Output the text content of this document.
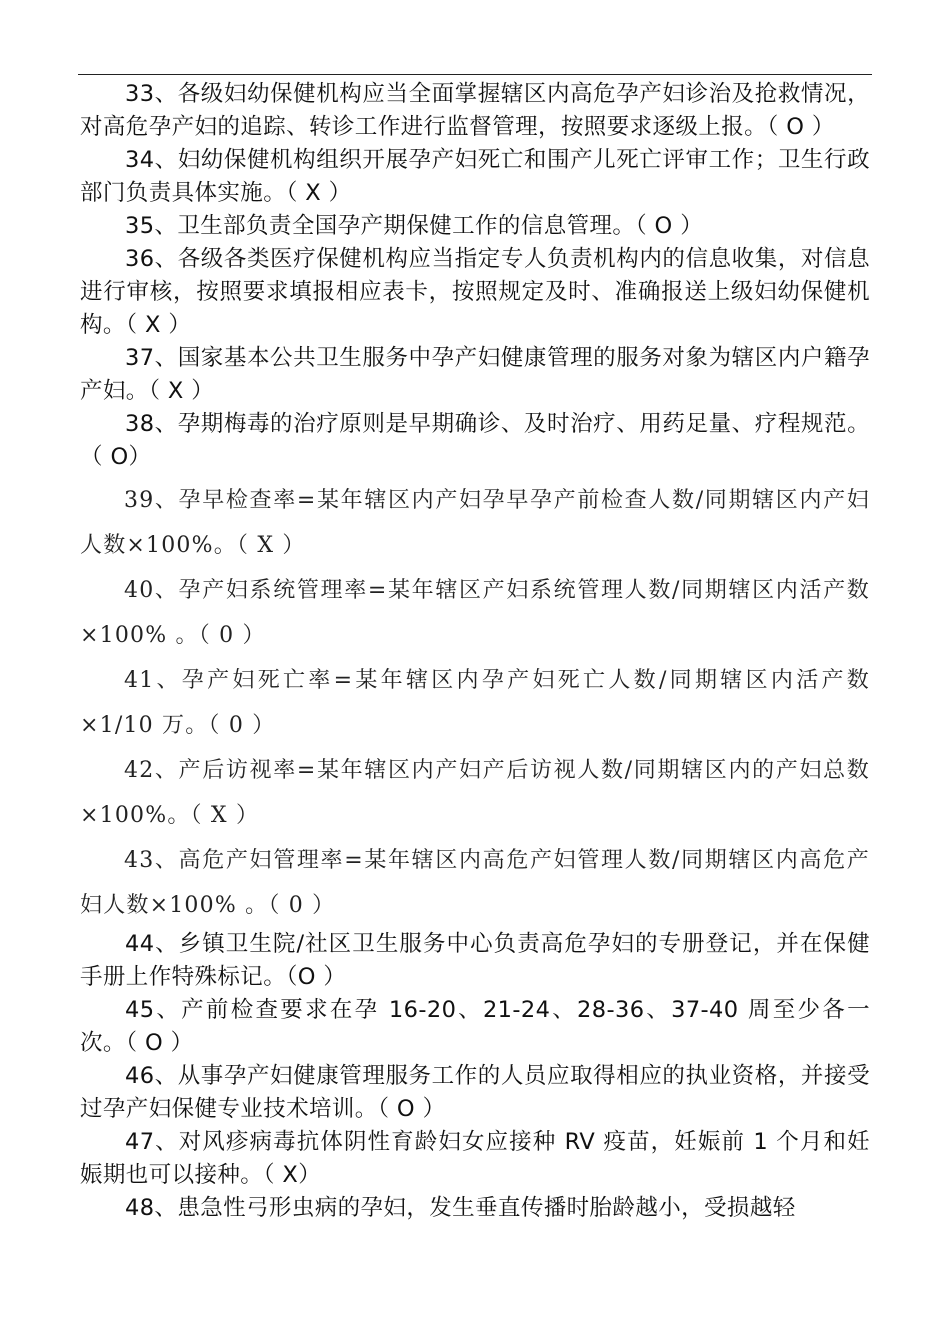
33、各级妇幼保健机构应当全面掌握辖区内高危孕产妇诊治及抢救情况，对高危孕产妇的追踪、转诊工作进行监督管理，按照要求逐级上报。（ O ）

34、妇幼保健机构组织开展孕产妇死亡和围产儿死亡评审工作；卫生行政部门负责具体实施。（ X ）

35、卫生部负责全国孕产期保健工作的信息管理。（ O ）

36、各级各类医疗保健机构应当指定专人负责机构内的信息收集，对信息进行审核，按照要求填报相应表卡，按照规定及时、准确报送上级妇幼保健机构。（ X ）

37、国家基本公共卫生服务中孕产妇健康管理的服务对象为辖区内户籍孕产妇。（ X ）

38、孕期梅毒的治疗原则是早期确诊、及时治疗、用药足量、疗程规范。（ O）

39、孕早检查率=某年辖区内产妇孕早孕产前检查人数/同期辖区内产妇人数×100%。（ X ）

40、孕产妇系统管理率=某年辖区产妇系统管理人数/同期辖区内活产数×100% 。（ 0 ）

41、孕产妇死亡率=某年辖区内孕产妇死亡人数/同期辖区内活产数×1/10 万。（ 0 ）

42、产后访视率=某年辖区内产妇产后访视人数/同期辖区内的产妇总数×100%。（ X ）

43、高危产妇管理率=某年辖区内高危产妇管理人数/同期辖区内高危产妇人数×100% 。（ 0 ）

44、乡镇卫生院/社区卫生服务中心负责高危孕妇的专册登记，并在保健手册上作特殊标记。（O ）

45、产前检查要求在孕 16-20、21-24、28-36、37-40 周至少各一次。（ O ）

46、从事孕产妇健康管理服务工作的人员应取得相应的执业资格，并接受过孕产妇保健专业技术培训。（ O ）

47、对风疹病毒抗体阴性育龄妇女应接种 RV 疫苗，妊娠前 1 个月和妊娠期也可以接种。（ X）

48、患急性弓形虫病的孕妇，发生垂直传播时胎龄越小，受损越轻
